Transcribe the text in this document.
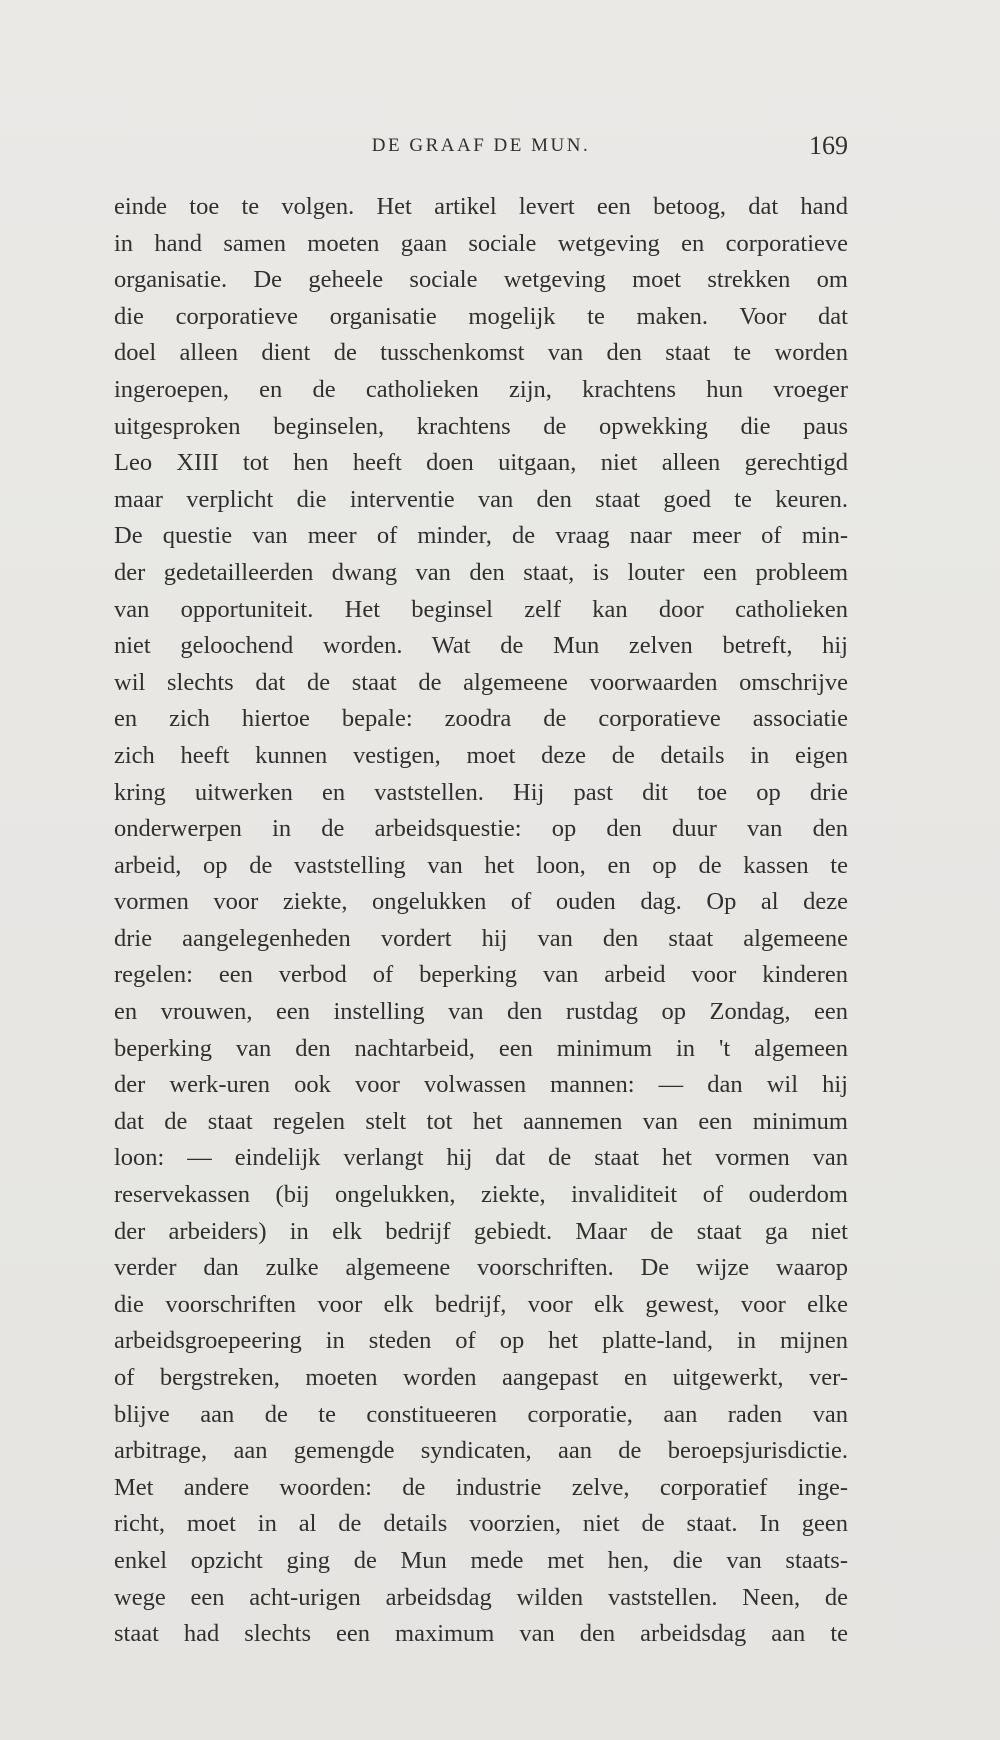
DE GRAAF DE MUN.	169
einde toe te volgen. Het artikel levert een betoog, dat hand
in hand samen moeten gaan sociale wetgeving en corporatieve
organisatie. De geheele sociale wetgeving moet strekken om
die corporatieve organisatie mogelijk te maken. Voor dat
doel alleen dient de tusschenkomst van den staat te worden
ingeroepen, en de catholieken zijn, krachtens hun vroeger
uitgesproken beginselen, krachtens de opwekking die paus
Leo XIII tot hen heeft doen uitgaan, niet alleen gerechtigd
maar verplicht die interventie van den staat goed te keuren.
De questie van meer of minder, de vraag naar meer of min-
der gedetailleerden dwang van den staat, is louter een probleem
van opportuniteit. Het beginsel zelf kan door catholieken
niet geloochend worden. Wat de Mun zelven betreft, hij
wil slechts dat de staat de algemeene voorwaarden omschrijve
en zich hiertoe bepale: zoodra de corporatieve associatie
zich heeft kunnen vestigen, moet deze de details in eigen
kring uitwerken en vaststellen. Hij past dit toe op drie
onderwerpen in de arbeidsquestie: op den duur van den
arbeid, op de vaststelling van het loon, en op de kassen te
vormen voor ziekte, ongelukken of ouden dag. Op al deze
drie aangelegenheden vordert hij van den staat algemeene
regelen: een verbod of beperking van arbeid voor kinderen
en vrouwen, een instelling van den rustdag op Zondag, een
beperking van den nachtarbeid, een minimum in 't algemeen
der werk-uren ook voor volwassen mannen: — dan wil hij
dat de staat regelen stelt tot het aannemen van een minimum
loon: — eindelijk verlangt hij dat de staat het vormen van
reservekassen (bij ongelukken, ziekte, invaliditeit of ouderdom
der arbeiders) in elk bedrijf gebiedt. Maar de staat ga niet
verder dan zulke algemeene voorschriften. De wijze waarop
die voorschriften voor elk bedrijf, voor elk gewest, voor elke
arbeidsgroepeering in steden of op het platte-land, in mijnen
of bergstreken, moeten worden aangepast en uitgewerkt, ver-
blijve aan de te constitueeren corporatie, aan raden van
arbitrage, aan gemengde syndicaten, aan de beroepsjurisdictie.
Met andere woorden: de industrie zelve, corporatief inge-
richt, moet in al de details voorzien, niet de staat. In geen
enkel opzicht ging de Mun mede met hen, die van staats-
wege een acht-urigen arbeidsdag wilden vaststellen. Neen, de
staat had slechts een maximum van den arbeidsdag aan te
